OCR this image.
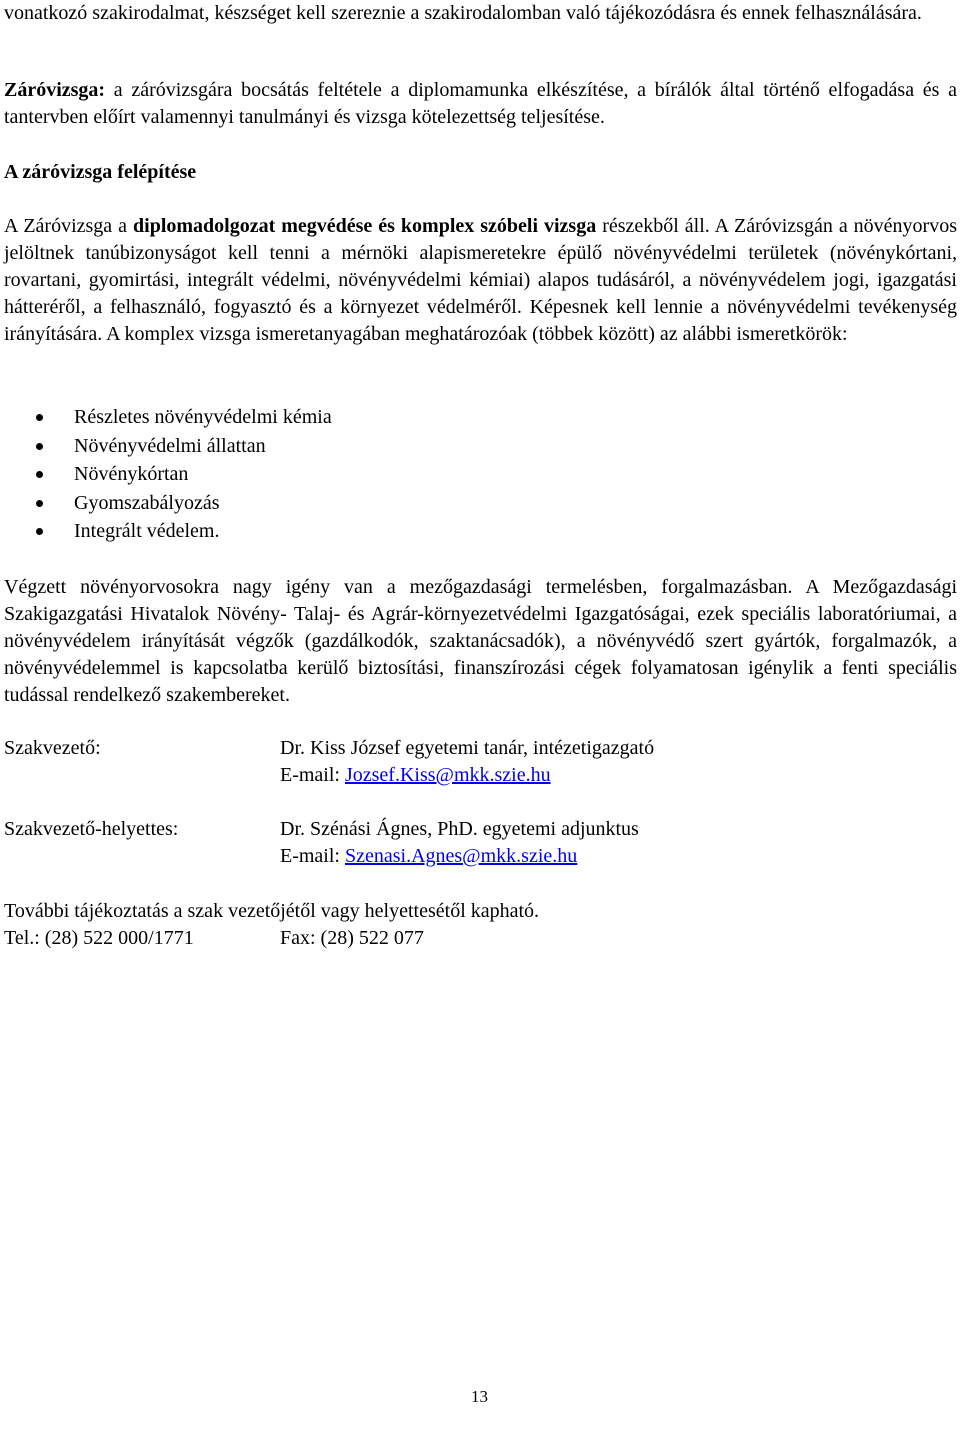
vonatkozó szakirodalmat, készséget kell szereznie a szakirodalomban való tájékozódásra és ennek felhasználására.

Záróvizsga: a záróvizsgára bocsátás feltétele a diplomamunka elkészítése, a bírálók által történő elfogadása és a tantervben előírt valamennyi tanulmányi és vizsga kötelezettség teljesítése.

A záróvizsga felépítése

A Záróvizsga a diplomadolgozat megvédése és komplex szóbeli vizsga részekből áll. A Záróvizsgán a növényorvos jelöltnek tanúbizonyságot kell tenni a mérnöki alapismeretekre épülő növényvédelmi területek (növénykórtani, rovartani, gyomirtási, integrált védelmi, növényvédelmi kémiai) alapos tudásáról, a növényvédelem jogi, igazgatási hátteréről, a felhasználó, fogyasztó és a környezet védelméről. Képesnek kell lennie a növényvédelmi tevékenység irányítására. A komplex vizsga ismeretanyagában meghatározóak (többek között) az alábbi ismeretkörök:

Részletes növényvédelmi kémia
Növényvédelmi állattan
Növénykórtan
Gyomszabályozás
Integrált védelem.

Végzett növényorvosokra nagy igény van a mezőgazdasági termelésben, forgalmazásban. A Mezőgazdasági Szakigazgatási Hivatalok Növény- Talaj- és Agrár-környezetvédelmi Igazgatóságai, ezek speciális laboratóriumai, a növényvédelem irányítását végzők (gazdálkodók, szaktanácsadók), a növényvédő szert gyártók, forgalmazók, a növényvédelemmel is kapcsolatba kerülő biztosítási, finanszírozási cégek folyamatosan igénylik a fenti speciális tudással rendelkező szakembereket.

Szakvezető:	Dr. Kiss József egyetemi tanár, intézetigazgató
E-mail: Jozsef.Kiss@mkk.szie.hu
Szakvezető-helyettes:	Dr. Szénási Ágnes, PhD. egyetemi adjunktus
E-mail: Szenasi.Agnes@mkk.szie.hu
További tájékoztatás a szak vezetőjétől vagy helyettesétől kapható.
Tel.: (28) 522 000/1771	Fax: (28) 522 077
13
